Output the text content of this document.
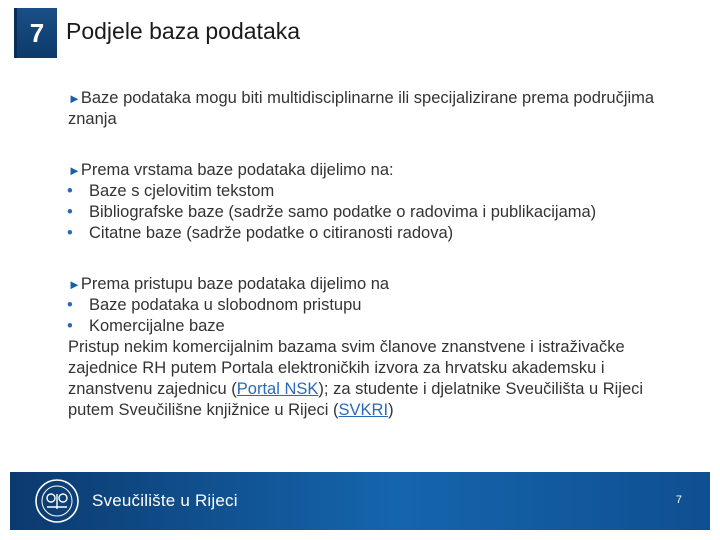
7 Podjele baza podataka

►Baze podataka mogu biti multidisciplinarne ili specijalizirane prema područjima znanja

►Prema vrstama baze podataka dijelimo na:

• Baze s cjelovitim tekstom
• Bibliografske baze (sadrže samo podatke o radovima i publikacijama)
• Citatne baze (sadrže podatke o citiranosti radova)

►Prema pristupu baze podataka dijelimo na

• Baze podataka u slobodnom pristupu
• Komercijalne baze

Pristup nekim komercijalnim bazama svim članove znanstvene i istraživačke zajednice RH putem Portala elektroničkih izvora za hrvatsku akademsku i znanstvenu zajednicu (Portal NSK); za studente i djelatnike Sveučilišta u Rijeci putem Sveučilišne knjižnice u Rijeci (SVKRI)

Sveučilište u Rijeci	7
